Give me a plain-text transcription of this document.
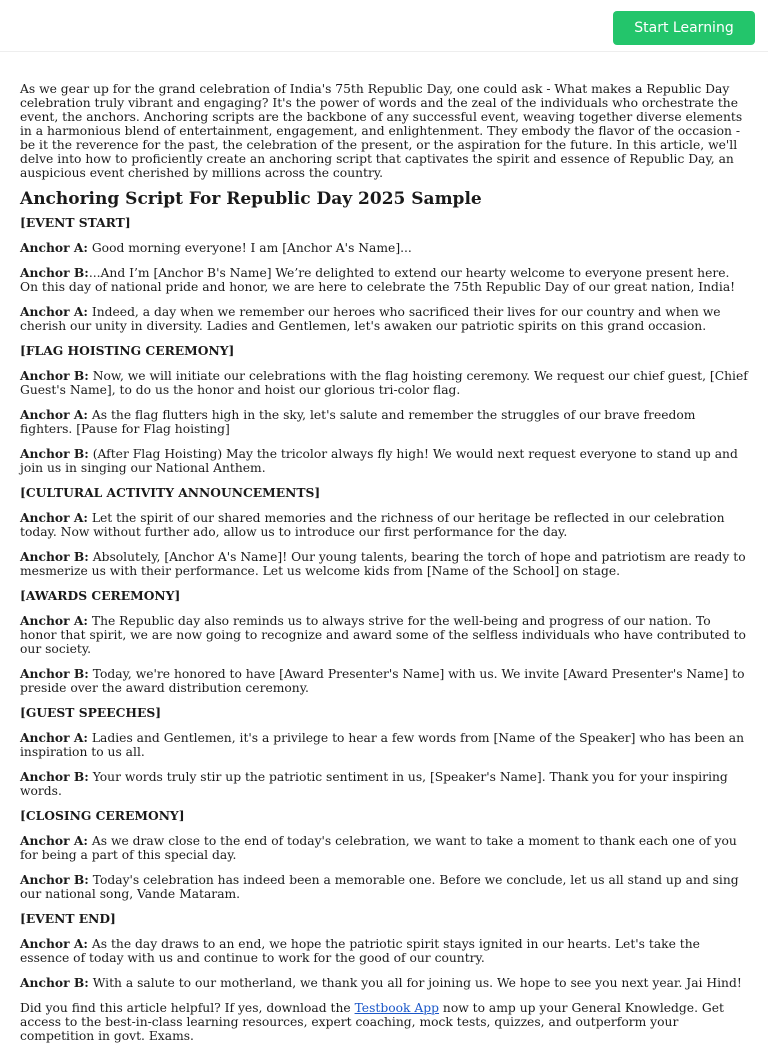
Start Learning

As we gear up for the grand celebration of India's 75th Republic Day, one could ask - What makes a Republic Day celebration truly vibrant and engaging? It's the power of words and the zeal of the individuals who orchestrate the event, the anchors. Anchoring scripts are the backbone of any successful event, weaving together diverse elements in a harmonious blend of entertainment, engagement, and enlightenment. They embody the flavor of the occasion - be it the reverence for the past, the celebration of the present, or the aspiration for the future. In this article, we'll delve into how to proficiently create an anchoring script that captivates the spirit and essence of Republic Day, an auspicious event cherished by millions across the country.

Anchoring Script For Republic Day 2025 Sample

[EVENT START]

Anchor A: Good morning everyone! I am [Anchor A's Name]...

Anchor B:...And I’m [Anchor B's Name] We’re delighted to extend our hearty welcome to everyone present here. On this day of national pride and honor, we are here to celebrate the 75th Republic Day of our great nation, India!

Anchor A: Indeed, a day when we remember our heroes who sacrificed their lives for our country and when we cherish our unity in diversity. Ladies and Gentlemen, let's awaken our patriotic spirits on this grand occasion.

[FLAG HOISTING CEREMONY]

Anchor B: Now, we will initiate our celebrations with the flag hoisting ceremony. We request our chief guest, [Chief Guest's Name], to do us the honor and hoist our glorious tri-color flag.

Anchor A: As the flag flutters high in the sky, let's salute and remember the struggles of our brave freedom fighters. [Pause for Flag hoisting]

Anchor B: (After Flag Hoisting) May the tricolor always fly high! We would next request everyone to stand up and join us in singing our National Anthem.

[CULTURAL ACTIVITY ANNOUNCEMENTS]

Anchor A: Let the spirit of our shared memories and the richness of our heritage be reflected in our celebration today. Now without further ado, allow us to introduce our first performance for the day.

Anchor B: Absolutely, [Anchor A's Name]! Our young talents, bearing the torch of hope and patriotism are ready to mesmerize us with their performance. Let us welcome kids from [Name of the School] on stage.

[AWARDS CEREMONY]

Anchor A: The Republic day also reminds us to always strive for the well-being and progress of our nation. To honor that spirit, we are now going to recognize and award some of the selfless individuals who have contributed to our society.

Anchor B: Today, we're honored to have [Award Presenter's Name] with us. We invite [Award Presenter's Name] to preside over the award distribution ceremony.

[GUEST SPEECHES]

Anchor A: Ladies and Gentlemen, it's a privilege to hear a few words from [Name of the Speaker] who has been an inspiration to us all.

Anchor B: Your words truly stir up the patriotic sentiment in us, [Speaker's Name]. Thank you for your inspiring words.

[CLOSING CEREMONY]

Anchor A: As we draw close to the end of today's celebration, we want to take a moment to thank each one of you for being a part of this special day.

Anchor B: Today's celebration has indeed been a memorable one. Before we conclude, let us all stand up and sing our national song, Vande Mataram.

[EVENT END]

Anchor A: As the day draws to an end, we hope the patriotic spirit stays ignited in our hearts. Let's take the essence of today with us and continue to work for the good of our country.

Anchor B: With a salute to our motherland, we thank you all for joining us. We hope to see you next year. Jai Hind!

Did you find this article helpful? If yes, download the Testbook App now to amp up your General Knowledge. Get access to the best-in-class learning resources, expert coaching, mock tests, quizzes, and outperform your competition in govt. Exams.
